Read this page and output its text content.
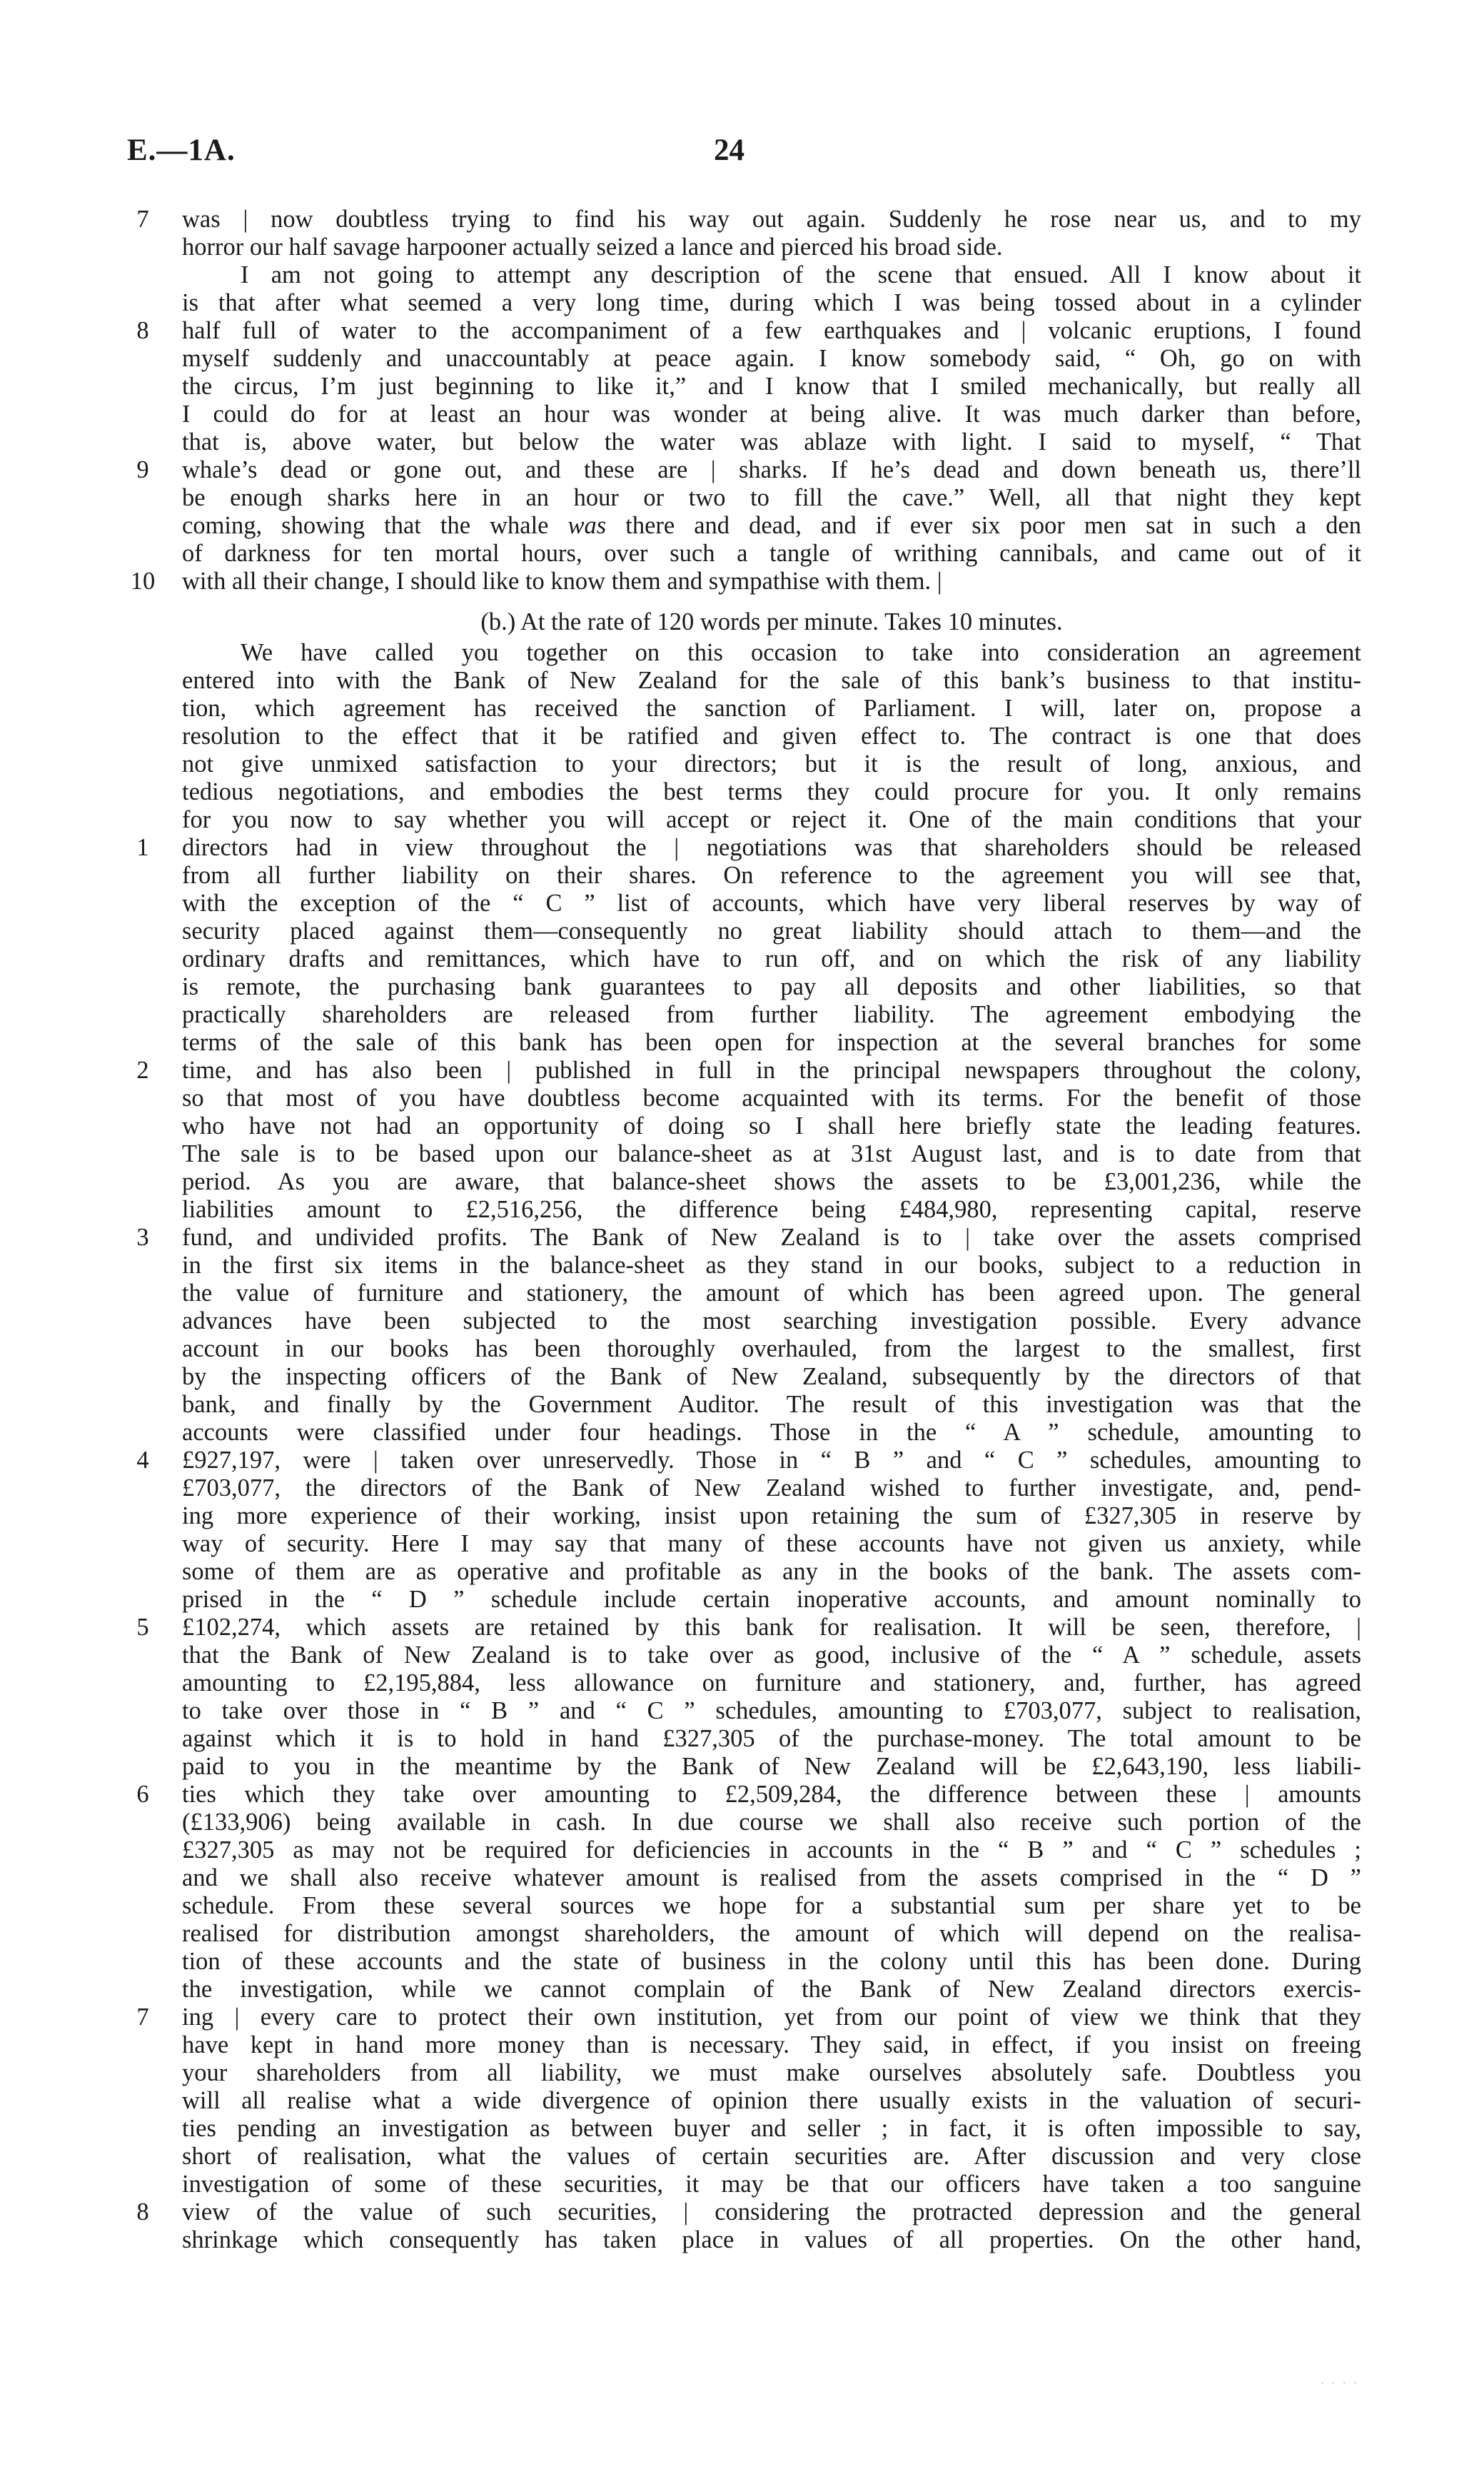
E.—1A.	24
was | now doubtless trying to find his way out again. Suddenly he rose near us, and to my
horror our half savage harpooner actually seized a lance and pierced his broad side.
I am not going to attempt any description of the scene that ensued. All I know about it
is that after what seemed a very long time, during which I was being tossed about in a cylinder
half full of water to the accompaniment of a few earthquakes and | volcanic eruptions, I found
myself suddenly and unaccountably at peace again. I know somebody said, “ Oh, go on with
the circus, I’m just beginning to like it,” and I know that I smiled mechanically, but really all
I could do for at least an hour was wonder at being alive. It was much darker than before,
that is, above water, but below the water was ablaze with light. I said to myself, “ That
whale’s dead or gone out, and these are | sharks. If he’s dead and down beneath us, there’ll
be enough sharks here in an hour or two to fill the cave.” Well, all that night they kept
coming, showing that the whale was there and dead, and if ever six poor men sat in such a den
of darkness for ten mortal hours, over such a tangle of writhing cannibals, and came out of it
with all their change, I should like to know them and sympathise with them. |
(b.) At the rate of 120 words per minute. Takes 10 minutes.
We have called you together on this occasion to take into consideration an agreement
entered into with the Bank of New Zealand for the sale of this bank’s business to that institu-
tion, which agreement has received the sanction of Parliament. I will, later on, propose a
resolution to the effect that it be ratified and given effect to. The contract is one that does
not give unmixed satisfaction to your directors; but it is the result of long, anxious, and
tedious negotiations, and embodies the best terms they could procure for you. It only remains
for you now to say whether you will accept or reject it. One of the main conditions that your
directors had in view throughout the | negotiations was that shareholders should be released
from all further liability on their shares. On reference to the agreement you will see that,
with the exception of the “ C ” list of accounts, which have very liberal reserves by way of
security placed against them—consequently no great liability should attach to them—and the
ordinary drafts and remittances, which have to run off, and on which the risk of any liability
is remote, the purchasing bank guarantees to pay all deposits and other liabilities, so that
practically shareholders are released from further liability. The agreement embodying the
terms of the sale of this bank has been open for inspection at the several branches for some
time, and has also been | published in full in the principal newspapers throughout the colony,
so that most of you have doubtless become acquainted with its terms. For the benefit of those
who have not had an opportunity of doing so I shall here briefly state the leading features.
The sale is to be based upon our balance-sheet as at 31st August last, and is to date from that
period. As you are aware, that balance-sheet shows the assets to be £3,001,236, while the
liabilities amount to £2,516,256, the difference being £484,980, representing capital, reserve
fund, and undivided profits. The Bank of New Zealand is to | take over the assets comprised
in the first six items in the balance-sheet as they stand in our books, subject to a reduction in
the value of furniture and stationery, the amount of which has been agreed upon. The general
advances have been subjected to the most searching investigation possible. Every advance
account in our books has been thoroughly overhauled, from the largest to the smallest, first
by the inspecting officers of the Bank of New Zealand, subsequently by the directors of that
bank, and finally by the Government Auditor. The result of this investigation was that the
accounts were classified under four headings. Those in the “ A ” schedule, amounting to
£927,197, were | taken over unreservedly. Those in “ B ” and “ C ” schedules, amounting to
£703,077, the directors of the Bank of New Zealand wished to further investigate, and, pend-
ing more experience of their working, insist upon retaining the sum of £327,305 in reserve by
way of security. Here I may say that many of these accounts have not given us anxiety, while
some of them are as operative and profitable as any in the books of the bank. The assets com-
prised in the “ D ” schedule include certain inoperative accounts, and amount nominally to
£102,274, which assets are retained by this bank for realisation. It will be seen, therefore, |
that the Bank of New Zealand is to take over as good, inclusive of the “ A ” schedule, assets
amounting to £2,195,884, less allowance on furniture and stationery, and, further, has agreed
to take over those in “ B ” and “ C ” schedules, amounting to £703,077, subject to realisation,
against which it is to hold in hand £327,305 of the purchase-money. The total amount to be
paid to you in the meantime by the Bank of New Zealand will be £2,643,190, less liabili-
ties which they take over amounting to £2,509,284, the difference between these | amounts
(£133,906) being available in cash. In due course we shall also receive such portion of the
£327,305 as may not be required for deficiencies in accounts in the “ B ” and “ C ” schedules ;
and we shall also receive whatever amount is realised from the assets comprised in the “ D ”
schedule. From these several sources we hope for a substantial sum per share yet to be
realised for distribution amongst shareholders, the amount of which will depend on the realisa-
tion of these accounts and the state of business in the colony until this has been done. During
the investigation, while we cannot complain of the Bank of New Zealand directors exercis-
ing | every care to protect their own institution, yet from our point of view we think that they
have kept in hand more money than is necessary. They said, in effect, if you insist on freeing
your shareholders from all liability, we must make ourselves absolutely safe. Doubtless you
will all realise what a wide divergence of opinion there usually exists in the valuation of securi-
ties pending an investigation as between buyer and seller ; in fact, it is often impossible to say,
short of realisation, what the values of certain securities are. After discussion and very close
investigation of some of these securities, it may be that our officers have taken a too sanguine
view of the value of such securities, | considering the protracted depression and the general
shrinkage which consequently has taken place in values of all properties. On the other hand,
7
8
9
10
1
2
3
4
5
6
7
8
· · · ·
